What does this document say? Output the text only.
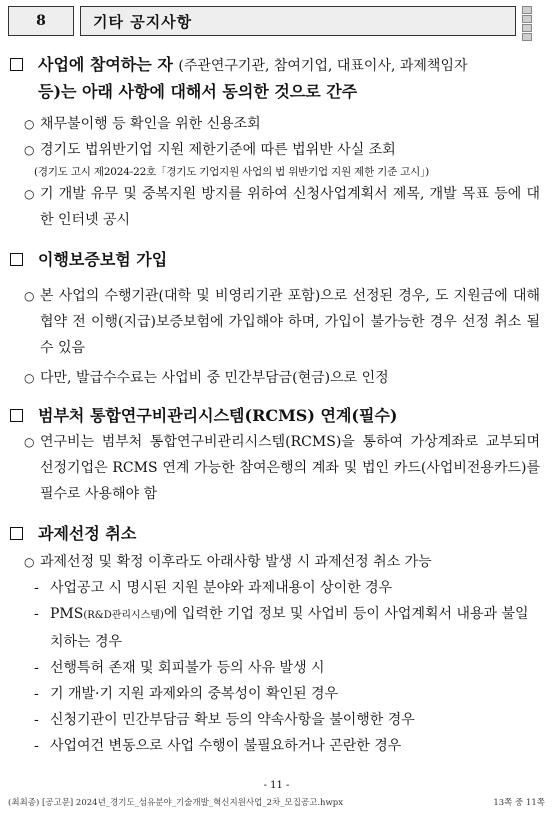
8	기타 공지사항
사업에 참여하는 자 (주관연구기관, 참여기업, 대표이사, 과제책임자
등)는 아래 사항에 대해서 동의한 것으로 간주
○ 채무불이행 등 확인을 위한 신용조회
○ 경기도 법위반기업 지원 제한기준에 따른 법위반 사실 조회
(경기도 고시 제2024-22호「경기도 기업지원 사업의 법 위반기업 지원 제한 기준 고시」)
○ 기 개발 유무 및 중복지원 방지를 위하여 신청사업계획서 제목, 개발 목표 등에 대한 인터넷 공시
이행보증보험 가입
○ 본 사업의 수행기관(대학 및 비영리기관 포함)으로 선정된 경우, 도 지원금에 대해 협약 전 이행(지급)보증보험에 가입해야 하며, 가입이 불가능한 경우 선정 취소 될 수 있음
○ 다만, 발급수수료는 사업비 중 민간부담금(현금)으로 인정
범부처 통합연구비관리시스템(RCMS) 연계(필수)
○ 연구비는 범부처 통합연구비관리시스템(RCMS)을 통하여 가상계좌로 교부되며 선정기업은 RCMS 연계 가능한 참여은행의 계좌 및 법인 카드(사업비전용카드)를 필수로 사용해야 함
과제선정 취소
○ 과제선정 및 확정 이후라도 아래사항 발생 시 과제선정 취소 가능
- 사업공고 시 명시된 지원 분야와 과제내용이 상이한 경우
- PMS(R&D관리시스템)에 입력한 기업 정보 및 사업비 등이 사업계획서 내용과 불일치하는 경우
- 선행특허 존재 및 회피불가 등의 사유 발생 시
- 기 개발·기 지원 과제와의 중복성이 확인된 경우
- 신청기관이 민간부담금 확보 등의 약속사항을 불이행한 경우
- 사업여건 변동으로 사업 수행이 불필요하거나 곤란한 경우
- 11 -
(최최종) [공고문] 2024년_경기도_섬유분야_기술개발_혁신지원사업_2차_모집공고.hwpx	13쪽 중 11쪽
